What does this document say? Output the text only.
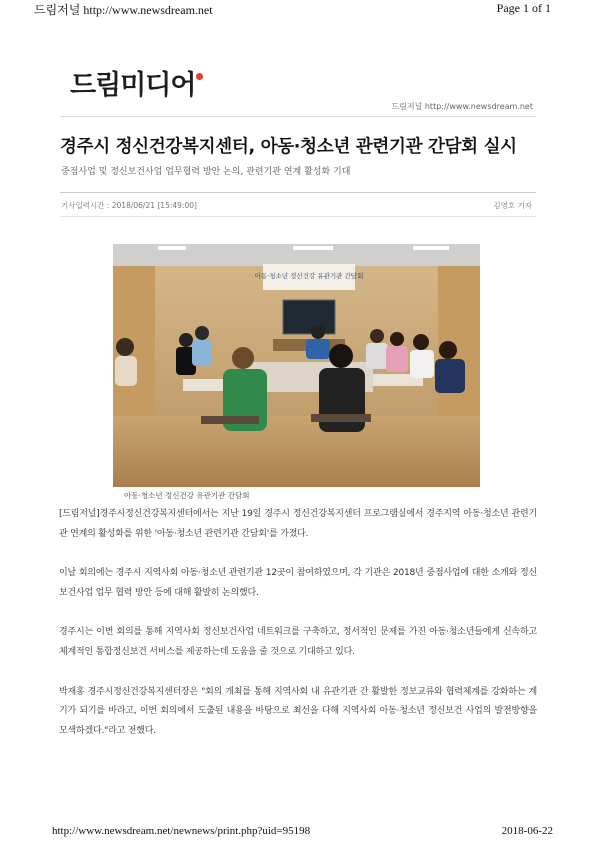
드림저널 http://www.newsdream.net	Page 1 of 1
드림미디어
드림저널 http://www.newsdream.net
경주시 정신건강복지센터, 아동·청소년 관련기관 간담회 실시
중점사업 및 정신보건사업 업무협력 방안 논의, 관련기관 연계 활성화 기대
기사입력시간 : 2018/06/21 [15:49:00]	김영호 기자
아동·청소년 정신건강 유관기관 간담회
아동·청소년 정신건강 유관기관 간담회

[드림저널]경주시정신건강복지센터에서는 지난 19일 경주시 정신건강복지센터 프로그램실에서 경주지역 아동·청소년 관련기관 연계의 활성화를 위한 '아동·청소년 관련기관 간담회'를 가졌다.

이날 회의에는 경주시 지역사회 아동·청소년 관련기관 12곳이 참여하였으며, 각 기관은 2018년 중점사업에 대한 소개와 정신보건사업 업무 협력 방안 등에 대해 활발히 논의했다.

경주시는 이번 회의를 통해 지역사회 정신보건사업 네트워크를 구축하고, 정서적인 문제를 가진 아동·청소년들에게 신속하고 체계적인 통합정신보건 서비스를 제공하는데 도움을 줄 것으로 기대하고 있다.

박재홍 경주시정신건강복지센터장은 "회의 개최를 통해 지역사회 내 유관기관 간 활발한 정보교류와 협력체계를 강화하는 계기가 되기를 바라고, 이번 회의에서 도출된 내용을 바탕으로 최선을 다해 지역사회 아동·청소년 정신보건 사업의 발전방향을 모색하겠다."라고 전했다.

http://www.newsdream.net/newnews/print.php?uid=95198	2018-06-22
